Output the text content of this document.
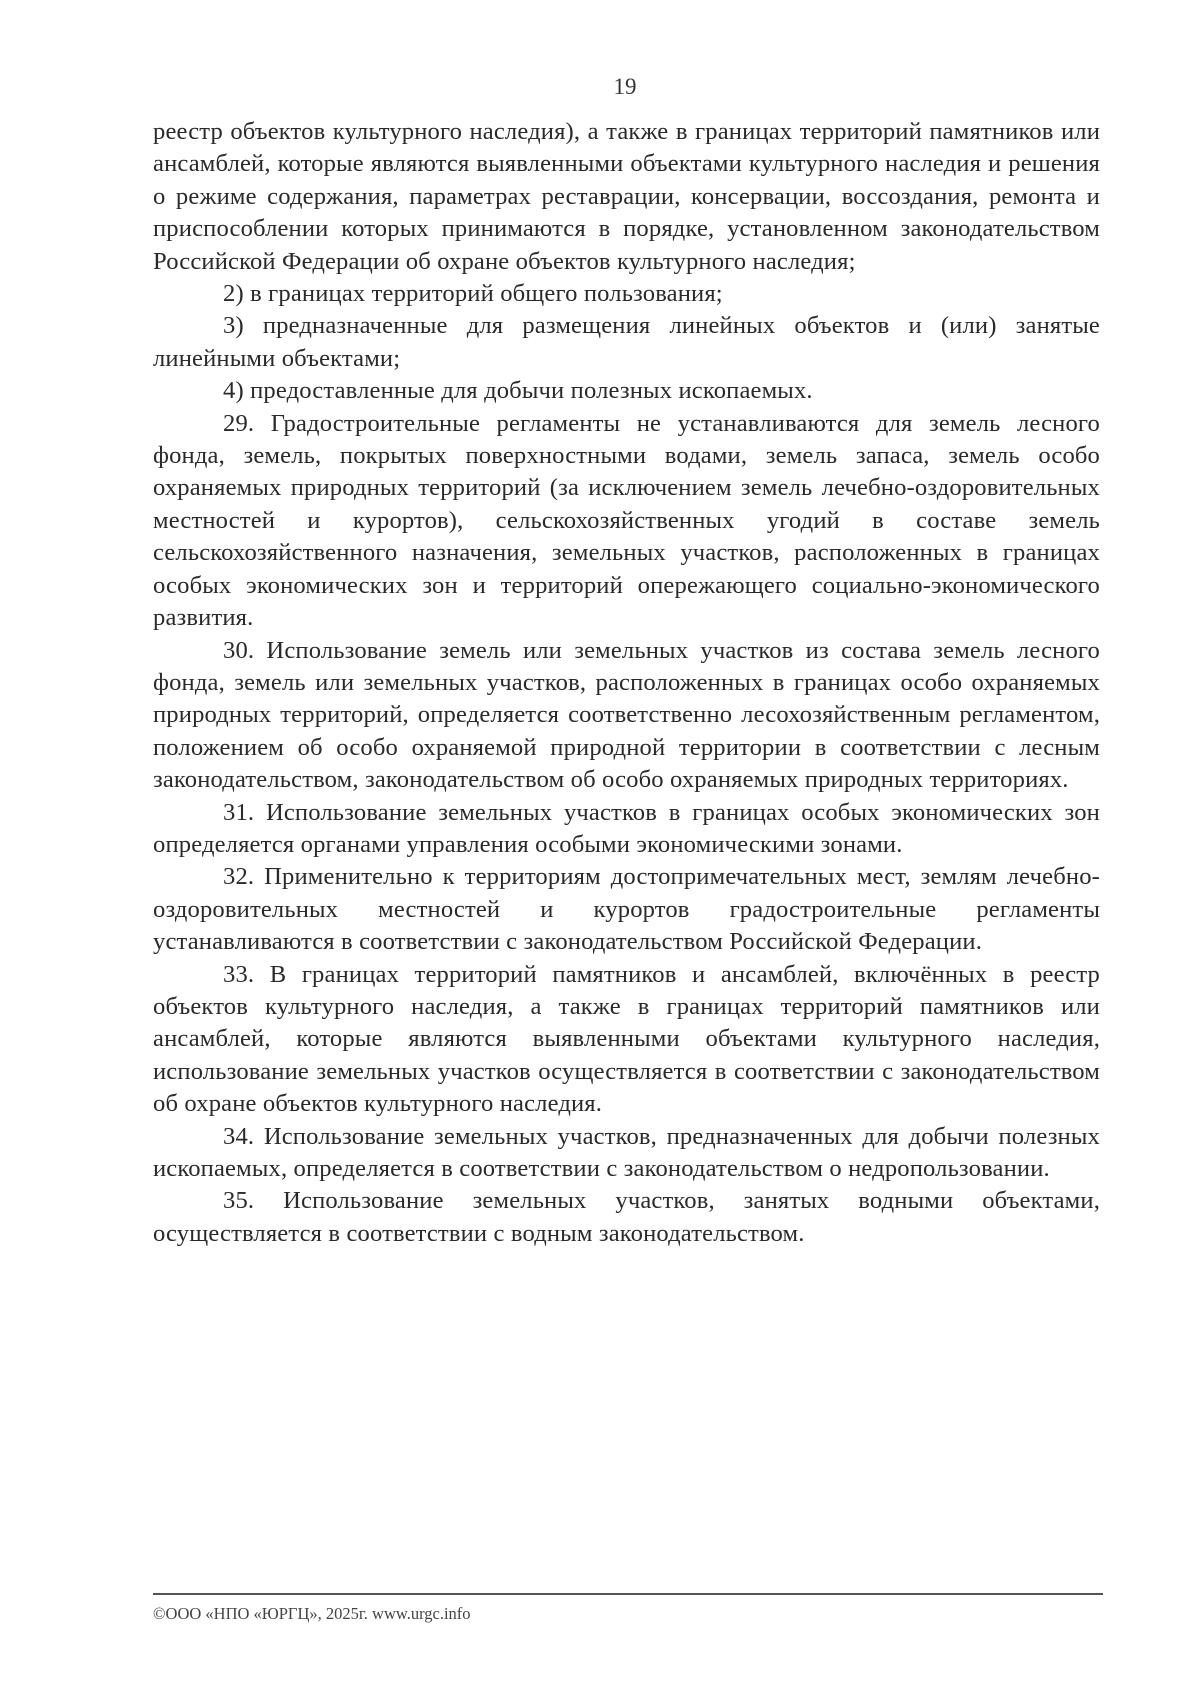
19

реестр объектов культурного наследия), а также в границах территорий памятников или ансамблей, которые являются выявленными объектами культурного наследия и решения о режиме содержания, параметрах реставрации, консервации, воссоздания, ремонта и приспособлении которых принимаются в порядке, установленном законодательством Российской Федерации об охране объектов культурного наследия;

2) в границах территорий общего пользования;

3) предназначенные для размещения линейных объектов и (или) занятые линейными объектами;

4) предоставленные для добычи полезных ископаемых.

29. Градостроительные регламенты не устанавливаются для земель лесного фонда, земель, покрытых поверхностными водами, земель запаса, земель особо охраняемых природных территорий (за исключением земель лечебно-оздоровительных местностей и курортов), сельскохозяйственных угодий в составе земель сельскохозяйственного назначения, земельных участков, расположенных в границах особых экономических зон и территорий опережающего социально-экономического развития.

30. Использование земель или земельных участков из состава земель лесного фонда, земель или земельных участков, расположенных в границах особо охраняемых природных территорий, определяется соответственно лесохозяйственным регламентом, положением об особо охраняемой природной территории в соответствии с лесным законодательством, законодательством об особо охраняемых природных территориях.

31. Использование земельных участков в границах особых экономических зон определяется органами управления особыми экономическими зонами.

32. Применительно к территориям достопримечательных мест, землям лечебно-оздоровительных местностей и курортов градостроительные регламенты устанавливаются в соответствии с законодательством Российской Федерации.

33. В границах территорий памятников и ансамблей, включённых в реестр объектов культурного наследия, а также в границах территорий памятников или ансамблей, которые являются выявленными объектами культурного наследия, использование земельных участков осуществляется в соответствии с законодательством об охране объектов культурного наследия.

34. Использование земельных участков, предназначенных для добычи полезных ископаемых, определяется в соответствии с законодательством о недропользовании.

35. Использование земельных участков, занятых водными объектами, осуществляется в соответствии с водным законодательством.

©ООО «НПО «ЮРГЦ», 2025г. www.urgc.info
